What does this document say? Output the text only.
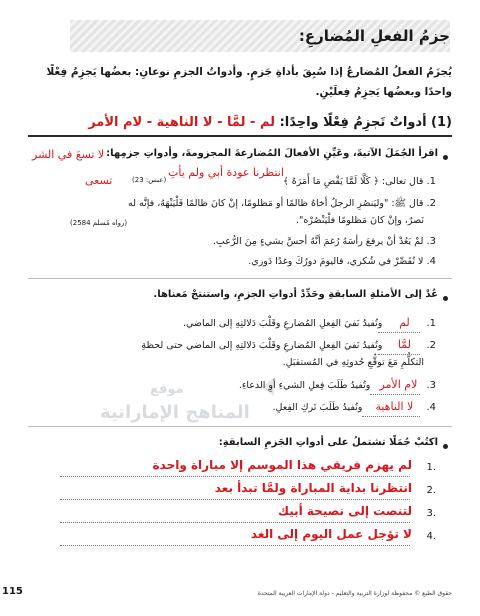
جزمُ الفعلِ المُضارعِ:
يُجزَمُ الفعلُ المُضارعُ إذا سُبِقَ بأداةِ جَزمٍ. وأدواتُ الجزمِ نوعانِ: بعضُها يَجزِمُ فِعْلًا واحدًا وبعضُها يَجزِمُ فِعلَيْنِ.
(1) أدواتٌ تَجزِمُ فِعْلًا واحِدًا: لم - لمَّا - لا الناهية - لام الأمر
اقرأ الجُمَلَ الآتيةَ، وعَيِّنِ الأفعالَ المُضارعةَ المجزومةَ، وأدواتِ جزمِها:
لا تسعَ في الشر
انتظرنا عودة أبي ولم يأتِ
تسعى	1. قال تعالى: ﴿ كَلَّا لَمَّا يَقْضِ مَا أَمَرَهُ ﴾
(عبس: 23)
2. قال ﷺ: "وليَنصُرِ الرجلُ أخاهُ ظالمًا أو مَظلومًا، إنْ كانَ ظالمًا فَلْيَنْهَهُ، فإنَّه له
نَصرٌ، وإنْ كانَ مَظلومًا فلْيَنْصُرْه".
(رواه مُسلم 2584)
3. لمْ يَعُدْ أنْ يرفعَ رأسَهُ رُغمَ أنَّهُ أحسَّ بشيءٍ مِنَ الرُّعبِ.
4. لا تُقَصِّرْ في شُكري، فاليومَ دورُكَ وغدًا دَوري.
عُدْ إلى الأمثلةِ السابقةِ وحَدِّدْ أدواتِ الجزمِ، واستنتجْ مَعناها.
1. لم وتُفيدُ نَفيَ الفِعلِ المُضارعِ وقَلْبَ دَلالتِهِ إلى الماضي.
2. لمَّا وتُفيدُ نَفيَ الفِعلِ المُضارعِ وقَلْبَ دَلالتِهِ إلى الماضي حتى لحظةِ
التكلُّمِ مَعَ توقُّعِ حُدوثِهِ في المُستقبَلِ.
3. لام الأمر وتُفيدُ طَلَبَ فِعلِ الشيءِ أوِ الدعاءِ.
4. لا الناهية وتُفيدُ طَلَبَ تَركِ الفِعلِ.
موقع
المناهج الإماراتية
اكتُبْ جُمَلًا تشتملُ على أدواتِ الجَزمِ السابقةِ:
1.
لم يهزم فريقي هذا الموسم إلا مباراة واحدة
2.
انتظرنا بداية المباراة ولمَّا تبدأ بعد
3.
لتنصت إلى نصيحة أبيك
4.
لا تؤجل عمل اليوم إلى الغد
حقوق الطبع © محفوظة لوزارة التربية والتعليم - دولة الإمارات العربية المتحدة
115
